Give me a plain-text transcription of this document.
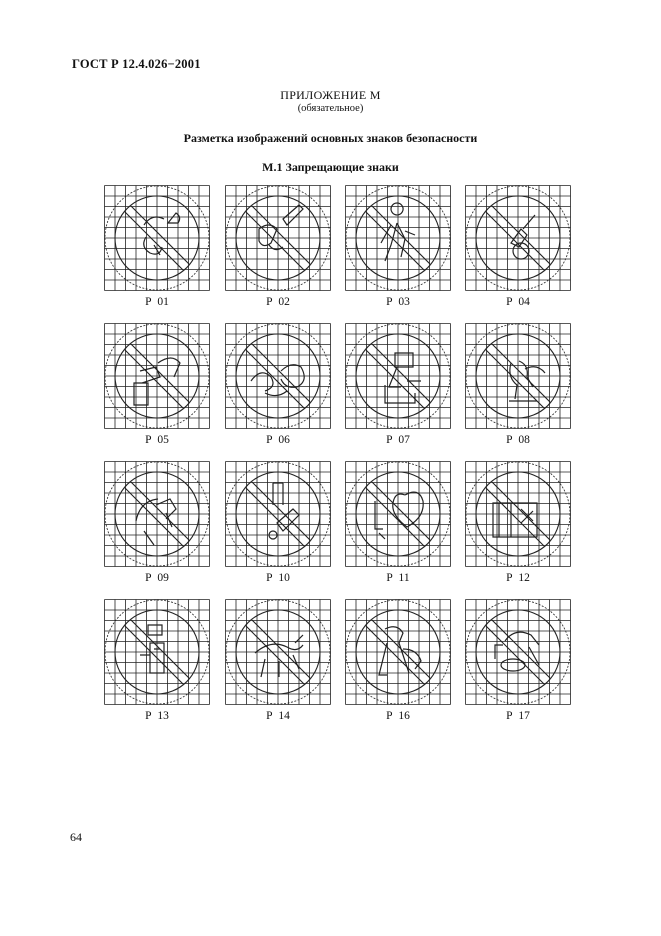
ГОСТ Р 12.4.026−2001
ПРИЛОЖЕНИЕ М
(обязательное)
Разметка изображений основных знаков безопасности
М.1 Запрещающие знаки
Р  01	Р  02	Р  03	Р  04
Р  05	Р  06	Р  07	Р  08
Р  09	Р  10	Р  11	Р  12
Р  13	Р  14	Р  16	Р  17
64
